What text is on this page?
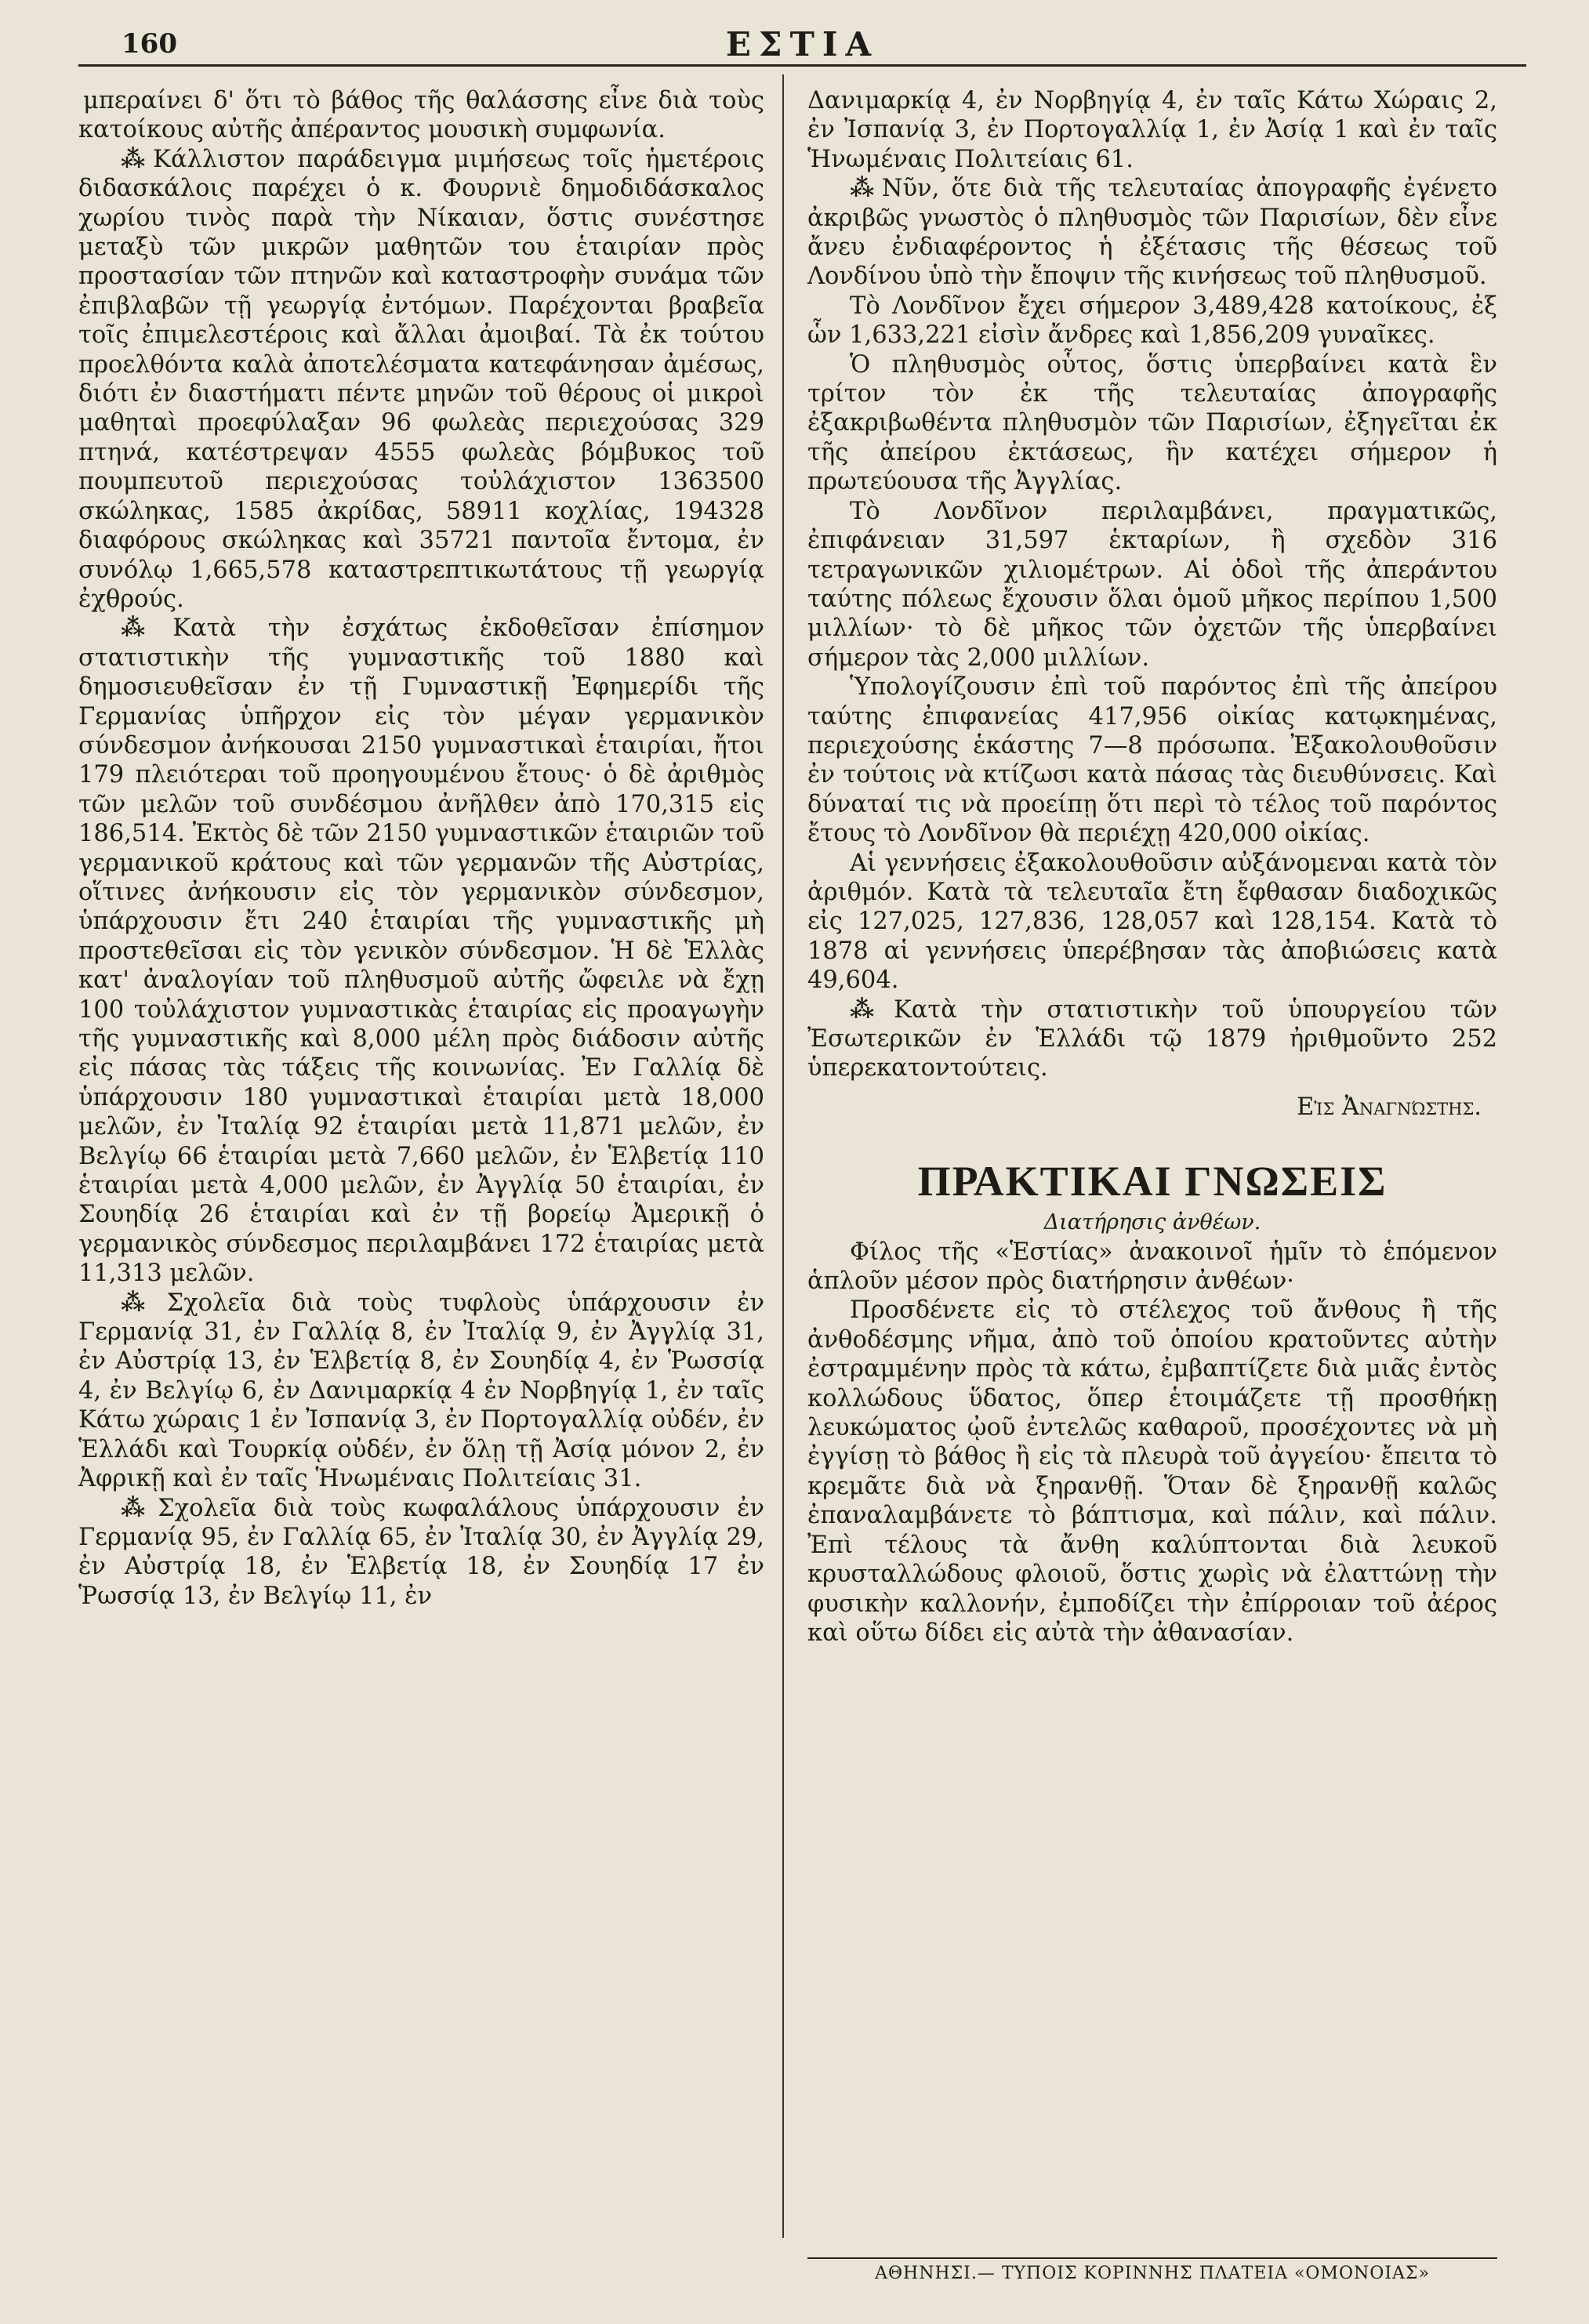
160	ΕΣΤΙΑ

μπεραίνει δ' ὅτι τὸ βάθος τῆς θαλάσσης εἶνε διὰ τοὺς κατοίκους αὐτῆς ἀπέραντος μουσικὴ συμφωνία.

⁂ Κάλλιστον παράδειγμα μιμήσεως τοῖς ἡμετέροις διδασκάλοις παρέχει ὁ κ. Φουρνιὲ δημοδιδάσκαλος χωρίου τινὸς παρὰ τὴν Νίκαιαν, ὅστις συνέστησε μεταξὺ τῶν μικρῶν μαθητῶν του ἑταιρίαν πρὸς προστασίαν τῶν πτηνῶν καὶ καταστροφὴν συνάμα τῶν ἐπιβλαβῶν τῇ γεωργίᾳ ἐντόμων. Παρέχονται βραβεῖα τοῖς ἐπιμελεστέροις καὶ ἄλλαι ἀμοιβαί. Τὰ ἐκ τούτου προελθόντα καλὰ ἀποτελέσματα κατεφάνησαν ἀμέσως, διότι ἐν διαστήματι πέντε μηνῶν τοῦ θέρους οἱ μικροὶ μαθηταὶ προεφύλαξαν 96 φωλεὰς περιεχούσας 329 πτηνά, κατέστρεψαν 4555 φωλεὰς βόμβυκος τοῦ πουμπευτοῦ περιεχούσας τοὐλάχιστον 1363500 σκώληκας, 1585 ἀκρίδας, 58911 κοχλίας, 194328 διαφόρους σκώληκας καὶ 35721 παντοῖα ἔντομα, ἐν συνόλῳ 1,665,578 καταστρεπτικωτάτους τῇ γεωργίᾳ ἐχθρούς.

⁂ Κατὰ τὴν ἐσχάτως ἐκδοθεῖσαν ἐπίσημον στατιστικὴν τῆς γυμναστικῆς τοῦ 1880 καὶ δημοσιευθεῖσαν ἐν τῇ Γυμναστικῇ Ἐφημερίδι τῆς Γερμανίας ὑπῆρχον εἰς τὸν μέγαν γερμανικὸν σύνδεσμον ἀνήκουσαι 2150 γυμναστικαὶ ἑταιρίαι, ἤτοι 179 πλειότεραι τοῦ προηγουμένου ἔτους· ὁ δὲ ἀριθμὸς τῶν μελῶν τοῦ συνδέσμου ἀνῆλθεν ἀπὸ 170,315 εἰς 186,514. Ἐκτὸς δὲ τῶν 2150 γυμναστικῶν ἑταιριῶν τοῦ γερμανικοῦ κράτους καὶ τῶν γερμανῶν τῆς Αὐστρίας, οἵτινες ἀνήκουσιν εἰς τὸν γερμανικὸν σύνδεσμον, ὑπάρχουσιν ἔτι 240 ἑταιρίαι τῆς γυμναστικῆς μὴ προστεθεῖσαι εἰς τὸν γενικὸν σύνδεσμον. Ἡ δὲ Ἑλλὰς κατ' ἀναλογίαν τοῦ πληθυσμοῦ αὐτῆς ὤφειλε νὰ ἔχῃ 100 τοὐλάχιστον γυμναστικὰς ἑταιρίας εἰς προαγωγὴν τῆς γυμναστικῆς καὶ 8,000 μέλη πρὸς διάδοσιν αὐτῆς εἰς πάσας τὰς τάξεις τῆς κοινωνίας. Ἐν Γαλλίᾳ δὲ ὑπάρχουσιν 180 γυμναστικαὶ ἑταιρίαι μετὰ 18,000 μελῶν, ἐν Ἰταλίᾳ 92 ἑταιρίαι μετὰ 11,871 μελῶν, ἐν Βελγίῳ 66 ἑταιρίαι μετὰ 7,660 μελῶν, ἐν Ἑλβετίᾳ 110 ἑταιρίαι μετὰ 4,000 μελῶν, ἐν Ἀγγλίᾳ 50 ἑταιρίαι, ἐν Σουηδίᾳ 26 ἑταιρίαι καὶ ἐν τῇ βορείῳ Ἀμερικῇ ὁ γερμανικὸς σύνδεσμος περιλαμβάνει 172 ἑταιρίας μετὰ 11,313 μελῶν.

⁂ Σχολεῖα διὰ τοὺς τυφλοὺς ὑπάρχουσιν ἐν Γερμανίᾳ 31, ἐν Γαλλίᾳ 8, ἐν Ἰταλίᾳ 9, ἐν Ἀγγλίᾳ 31, ἐν Αὐστρίᾳ 13, ἐν Ἑλβετίᾳ 8, ἐν Σουηδίᾳ 4, ἐν Ῥωσσίᾳ 4, ἐν Βελγίῳ 6, ἐν Δανιμαρκίᾳ 4 ἐν Νορβηγίᾳ 1, ἐν ταῖς Κάτω χώραις 1 ἐν Ἰσπανίᾳ 3, ἐν Πορτογαλλίᾳ οὐδέν, ἐν Ἑλλάδι καὶ Τουρκίᾳ οὐδέν, ἐν ὅλῃ τῇ Ἀσίᾳ μόνον 2, ἐν Ἀφρικῇ καὶ ἐν ταῖς Ἡνωμέναις Πολιτείαις 31.

⁂ Σχολεῖα διὰ τοὺς κωφαλάλους ὑπάρχουσιν ἐν Γερμανίᾳ 95, ἐν Γαλλίᾳ 65, ἐν Ἰταλίᾳ 30, ἐν Ἀγγλίᾳ 29, ἐν Αὐστρίᾳ 18, ἐν Ἑλβετίᾳ 18, ἐν Σουηδίᾳ 17 ἐν Ῥωσσίᾳ 13, ἐν Βελγίῳ 11, ἐν

Δανιμαρκίᾳ 4, ἐν Νορβηγίᾳ 4, ἐν ταῖς Κάτω Χώραις 2, ἐν Ἰσπανίᾳ 3, ἐν Πορτογαλλίᾳ 1, ἐν Ἀσίᾳ 1 καὶ ἐν ταῖς Ἡνωμέναις Πολιτείαις 61.

⁂ Νῦν, ὅτε διὰ τῆς τελευταίας ἀπογραφῆς ἐγένετο ἀκριβῶς γνωστὸς ὁ πληθυσμὸς τῶν Παρισίων, δὲν εἶνε ἄνευ ἐνδιαφέροντος ἡ ἐξέτασις τῆς θέσεως τοῦ Λονδίνου ὑπὸ τὴν ἔποψιν τῆς κινήσεως τοῦ πληθυσμοῦ.

Τὸ Λονδῖνον ἔχει σήμερον 3,489,428 κατοίκους, ἐξ ὧν 1,633,221 εἰσὶν ἄνδρες καὶ 1,856,209 γυναῖκες.

Ὁ πληθυσμὸς οὗτος, ὅστις ὑπερβαίνει κατὰ ἓν τρίτον τὸν ἐκ τῆς τελευταίας ἀπογραφῆς ἐξακριβωθέντα πληθυσμὸν τῶν Παρισίων, ἐξηγεῖται ἐκ τῆς ἀπείρου ἐκτάσεως, ἣν κατέχει σήμερον ἡ πρωτεύουσα τῆς Ἀγγλίας.

Τὸ Λονδῖνον περιλαμβάνει, πραγματικῶς, ἐπιφάνειαν 31,597 ἑκταρίων, ἢ σχεδὸν 316 τετραγωνικῶν χιλιομέτρων. Αἱ ὁδοὶ τῆς ἀπεράντου ταύτης πόλεως ἔχουσιν ὅλαι ὁμοῦ μῆκος περίπου 1,500 μιλλίων· τὸ δὲ μῆκος τῶν ὀχετῶν τῆς ὑπερβαίνει σήμερον τὰς 2,000 μιλλίων.

Ὑπολογίζουσιν ἐπὶ τοῦ παρόντος ἐπὶ τῆς ἀπείρου ταύτης ἐπιφανείας 417,956 οἰκίας κατῳκημένας, περιεχούσης ἑκάστης 7—8 πρόσωπα. Ἐξακολουθοῦσιν ἐν τούτοις νὰ κτίζωσι κατὰ πάσας τὰς διευθύνσεις. Καὶ δύναταί τις νὰ προείπῃ ὅτι περὶ τὸ τέλος τοῦ παρόντος ἔτους τὸ Λονδῖνον θὰ περιέχῃ 420,000 οἰκίας.

Αἱ γεννήσεις ἐξακολουθοῦσιν αὐξάνομεναι κατὰ τὸν ἀριθμόν. Κατὰ τὰ τελευταῖα ἔτη ἔφθασαν διαδοχικῶς εἰς 127,025, 127,836, 128,057 καὶ 128,154. Κατὰ τὸ 1878 αἱ γεννήσεις ὑπερέβησαν τὰς ἀποβιώσεις κατὰ 49,604.

⁂ Κατὰ τὴν στατιστικὴν τοῦ ὑπουργείου τῶν Ἐσωτερικῶν ἐν Ἑλλάδι τῷ 1879 ἠριθμοῦντο 252 ὑπερεκατοντούτεις.

Εἰς Ἀναγνώστης.

ΠΡΑΚΤΙΚΑΙ ΓΝΩΣΕΙΣ

Διατήρησις ἀνθέων.

Φίλος τῆς «Ἑστίας» ἀνακοινοῖ ἡμῖν τὸ ἑπόμενον ἁπλοῦν μέσον πρὸς διατήρησιν ἀνθέων·

Προσδένετε εἰς τὸ στέλεχος τοῦ ἄνθους ἢ τῆς ἀνθοδέσμης νῆμα, ἀπὸ τοῦ ὁποίου κρατοῦντες αὐτὴν ἐστραμμένην πρὸς τὰ κάτω, ἐμβαπτίζετε διὰ μιᾶς ἐντὸς κολλώδους ὕδατος, ὅπερ ἑτοιμάζετε τῇ προσθήκῃ λευκώματος ᾠοῦ ἐντελῶς καθαροῦ, προσέχοντες νὰ μὴ ἐγγίσῃ τὸ βάθος ἢ εἰς τὰ πλευρὰ τοῦ ἀγγείου· ἔπειτα τὸ κρεμᾶτε διὰ νὰ ξηρανθῇ. Ὅταν δὲ ξηρανθῇ καλῶς ἐπαναλαμβάνετε τὸ βάπτισμα, καὶ πάλιν, καὶ πάλιν. Ἐπὶ τέλους τὰ ἄνθη καλύπτονται διὰ λευκοῦ κρυσταλλώδους φλοιοῦ, ὅστις χωρὶς νὰ ἐλαττώνῃ τὴν φυσικὴν καλλονήν, ἐμποδίζει τὴν ἐπίρροιαν τοῦ ἀέρος καὶ οὕτω δίδει εἰς αὐτὰ τὴν ἀθανασίαν.

ΑΘΗΝΗΣΙ.— ΤΥΠΟΙΣ ΚΟΡΙΝΝΗΣ ΠΛΑΤΕΙΑ «ΟΜΟΝΟΙΑΣ»
